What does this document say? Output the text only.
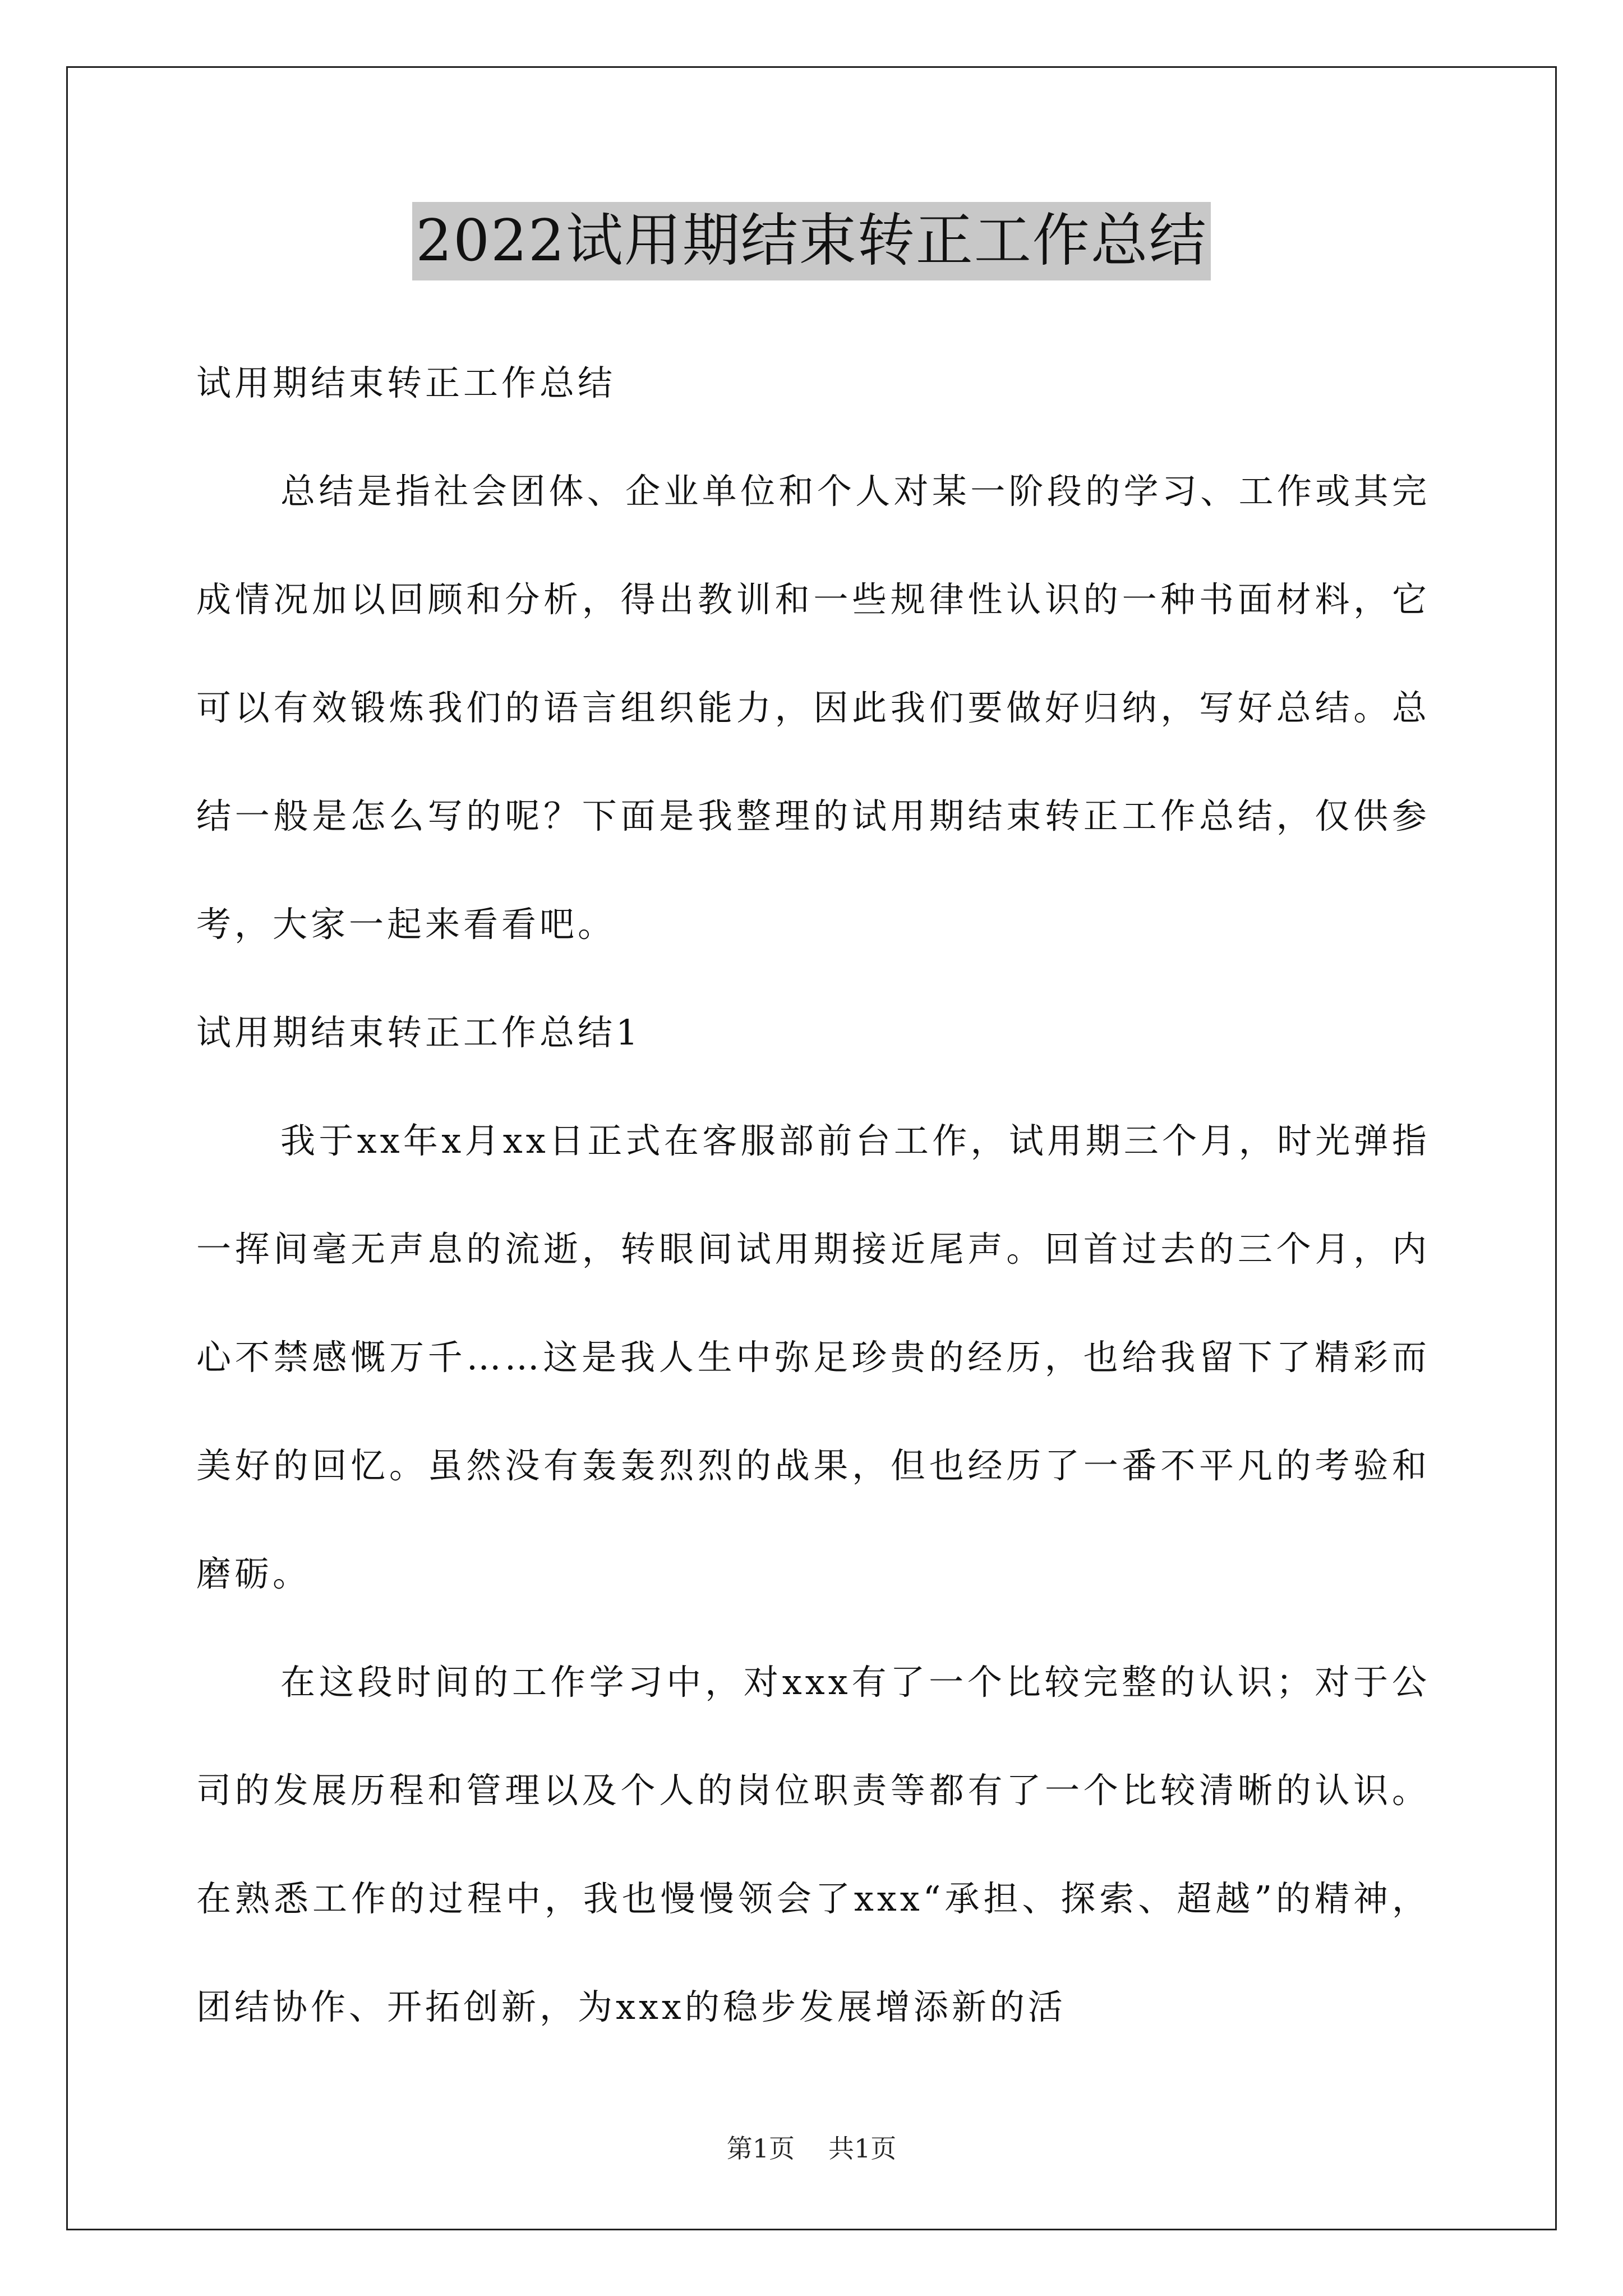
2022试用期结束转正工作总结

试用期结束转正工作总结

总结是指社会团体、企业单位和个人对某一阶段的学习、工作或其完成情况加以回顾和分析，得出教训和一些规律性认识的一种书面材料，它可以有效锻炼我们的语言组织能力，因此我们要做好归纳，写好总结。总结一般是怎么写的呢？下面是我整理的试用期结束转正工作总结，仅供参考，大家一起来看看吧。

试用期结束转正工作总结1

我于xx年x月xx日正式在客服部前台工作，试用期三个月，时光弹指一挥间毫无声息的流逝，转眼间试用期接近尾声。回首过去的三个月，内心不禁感慨万千……这是我人生中弥足珍贵的经历，也给我留下了精彩而美好的回忆。虽然没有轰轰烈烈的战果，但也经历了一番不平凡的考验和磨砺。

在这段时间的工作学习中，对xxx有了一个比较完整的认识；对于公司的发展历程和管理以及个人的岗位职责等都有了一个比较清晰的认识。在熟悉工作的过程中，我也慢慢领会了xxx“承担、探索、超越”的精神，团结协作、开拓创新，为xxx的稳步发展增添新的活

第1页 共1页
